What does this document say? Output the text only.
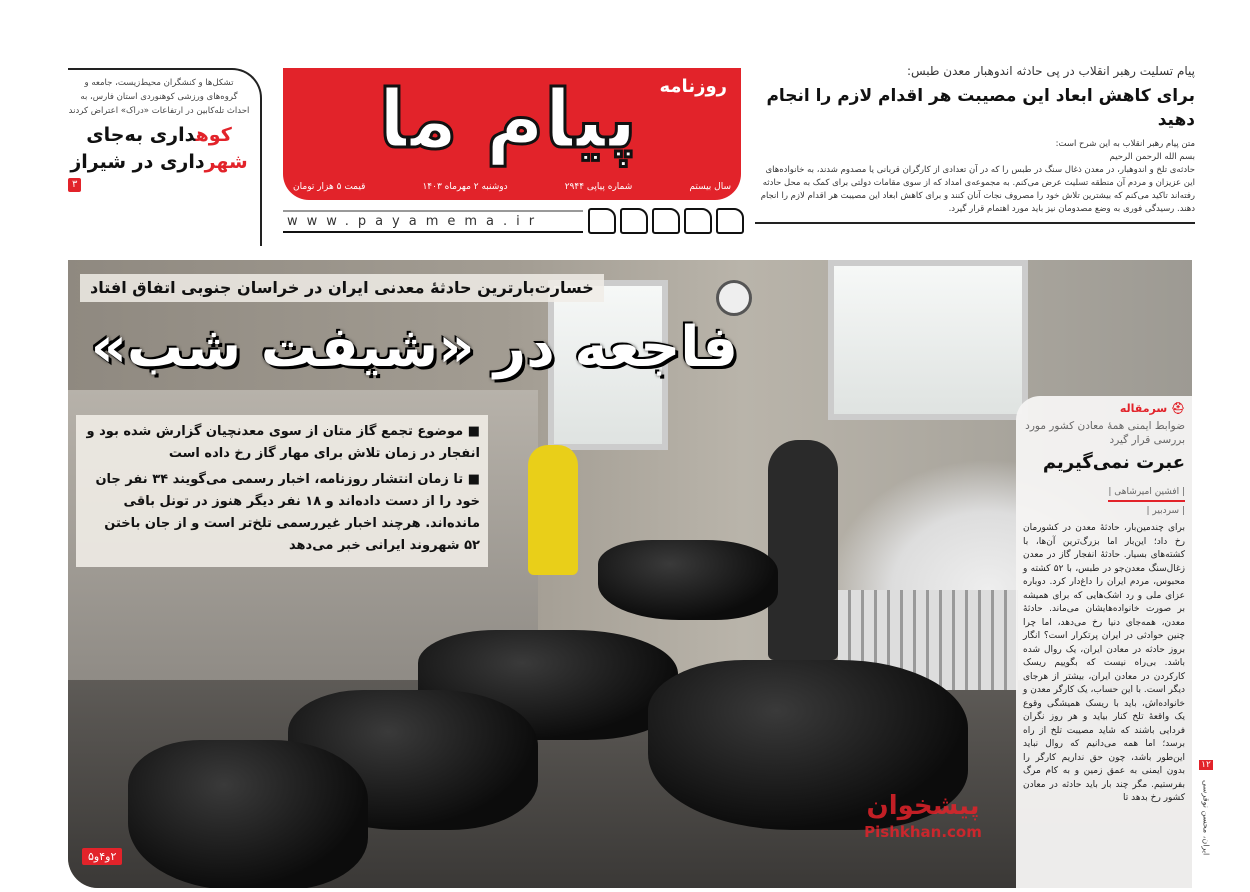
پیام تسلیت رهبر انقلاب در پی حادثه اندوهبار معدن طبس:
برای کاهش ابعاد این مصیبت هر اقدام لازم را انجام دهید

متن پیام رهبر انقلاب به این شرح است:

بسم الله الرحمن الرحیم

حادثه‌ی تلخ و اندوهبار، در معدن ذغال سنگ در طبس را که در آن تعدادی از کارگران قربانی یا مصدوم شدند، به خانواده‌های این عزیزان و مردم آن منطقه تسلیت عرض می‌کنم. به مجموعه‌ی امداد که از سوی مقامات دولتی برای کمک به محل حادثه رفته‌اند تاکید می‌کنم که بیشترین تلاش خود را مصروف نجات آنان کنند و برای کاهش ابعاد این مصیبت هر اقدام لازم را انجام دهند. رسیدگی فوری به وضع مصدومان نیز باید مورد اهتمام قرار گیرد.

پیام ما روزنامه
سال بیستم
شماره پیاپی ۲۹۴۴
دوشنبه ۲ مهرماه ۱۴۰۳
قیمت ۵ هزار تومان
www.payamema.ir
تشکل‌ها و کنشگران محیط‌زیست، جامعه و گروه‌های ورزشی کوهنوردی استان فارس، به احداث تله‌کابین در ارتفاعات «دراک» اعتراض کردند
کوهداری به‌جای
شهرداری در شیراز
۳
خسارت‌بارترین حادثهٔ معدنی ایران در خراسان جنوبی اتفاق افتاد
فاجعه در «شیفت شب»
■ موضوع تجمع گاز متان از سوی معدنچیان گزارش شده بود و انفجار در زمان تلاش برای مهار گاز رخ داده است
■ تا زمان انتشار روزنامه، اخبار رسمی می‌گویند ۳۴ نفر جان خود را از دست داده‌اند و ۱۸ نفر دیگر هنوز در تونل باقی مانده‌اند. هرچند اخبار غیررسمی تلخ‌تر است و از جان باختن ۵۲ شهروند ایرانی خبر می‌دهد
۲و۴و۵
پیشخوان
Pishkhan.com
⛑ سرمقاله
ضوابط ایمنی همهٔ معادن کشور مورد بررسی قرار گیرد
عبرت نمی‌گیریم
| افشین امیرشاهی |
| سردبیر |

برای چندمین‌بار، حادثهٔ معدن در کشورمان رخ داد؛ این‌بار اما بزرگ‌ترین آن‌ها، با کشته‌های بسیار. حادثهٔ انفجار گاز در معدن زغال‌سنگ معدن‌جو در طبس، با ۵۲ کشته و محبوس، مردم ایران را داغ‌دار کرد. دوباره عزای ملی و رد اشک‌هایی که برای همیشه بر صورت خانواده‌هایشان می‌ماند. حادثهٔ معدن، همه‌جای دنیا رخ می‌دهد، اما چرا چنین حوادثی در ایران پرتکرار است؟ انگار بروز حادثه در معادن ایران، یک روال شده باشد. بی‌راه نیست که بگوییم ریسک کارکردن در معادن ایران، بیشتر از هرجای دیگر است. با این حساب، یک کارگر معدن و خانواده‌اش، باید با ریسک همیشگی وقوع یک واقعهٔ تلخ کنار بیاید و هر روز نگران فردایی باشند که شاید مصیبت تلخ از راه برسد؛ اما همه می‌دانیم که روال نباید این‌طور باشد، چون حق نداریم کارگر را بدون ایمنی به عمق زمین و به کام مرگ بفرستیم. مگر چند بار باید حادثه در معادن کشور رخ بدهد تا

۱۲
ایران، محسن نوقرسی
